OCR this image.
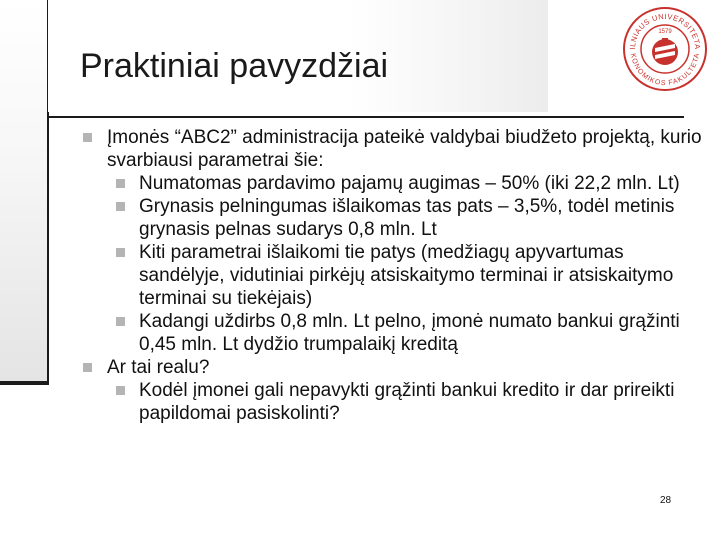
Praktiniai pavyzdžiai	ILNIAUS UNIVERSITETA
KONOMIKOS FAKULTETA
1579
Įmonės “ABC2” administracija pateikė valdybai biudžeto projektą, kurio svarbiausi parametrai šie:
Numatomas pardavimo pajamų augimas – 50% (iki 22,2 mln. Lt)
Grynasis pelningumas išlaikomas tas pats – 3,5%, todėl metinis grynasis pelnas sudarys 0,8 mln. Lt
Kiti parametrai išlaikomi tie patys (medžiagų apyvartumas sandėlyje, vidutiniai pirkėjų atsiskaitymo terminai ir atsiskaitymo terminai su tiekėjais)
Kadangi uždirbs 0,8 mln. Lt pelno, įmonė numato bankui grąžinti 0,45 mln. Lt dydžio trumpalaikį kreditą
Ar tai realu?
Kodėl įmonei gali nepavykti grąžinti bankui kredito ir dar prireikti papildomai pasiskolinti?
28
